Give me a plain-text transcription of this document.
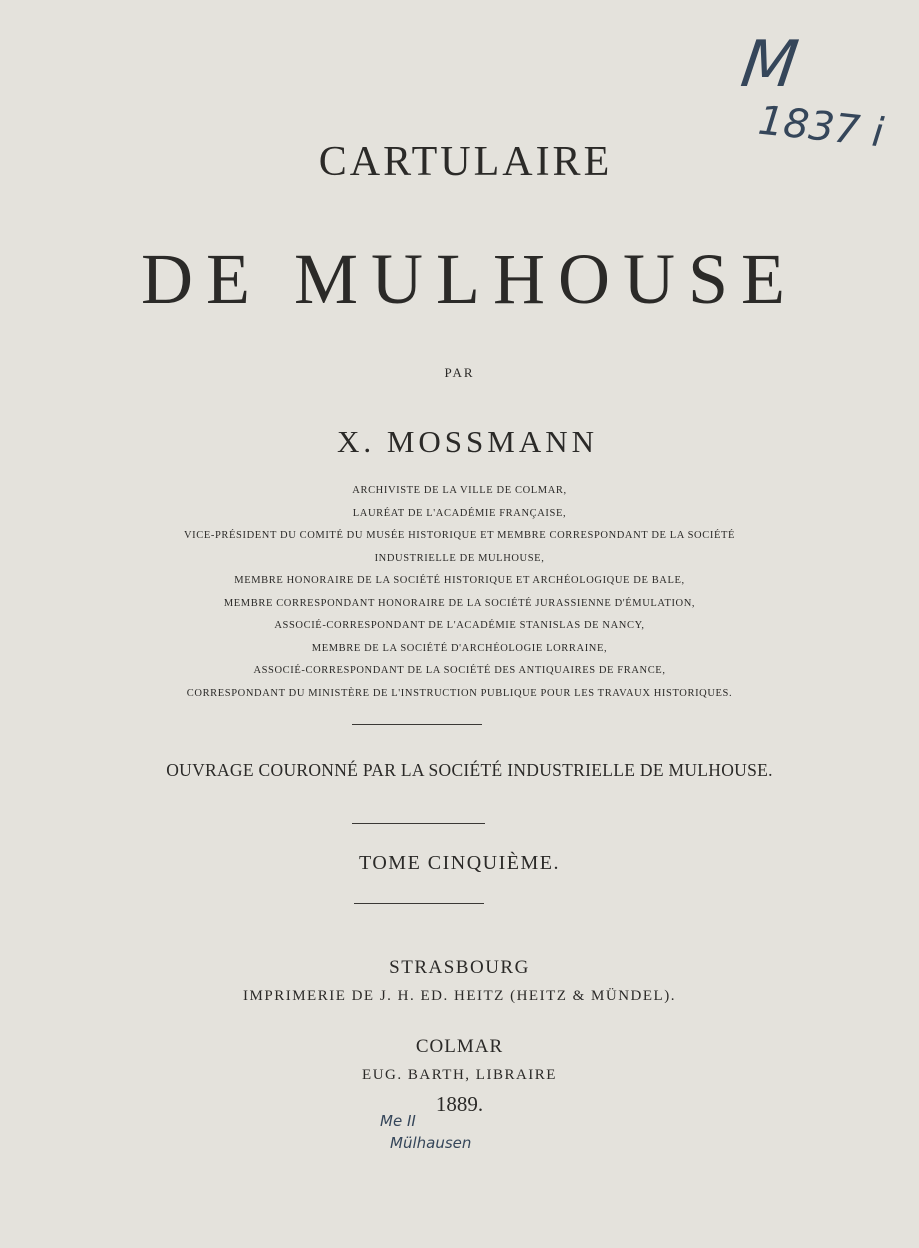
M
1837 i
CARTULAIRE
DE MULHOUSE
PAR
X. MOSSMANN
ARCHIVISTE DE LA VILLE DE COLMAR,
LAURÉAT DE L'ACADÉMIE FRANÇAISE,
VICE-PRÉSIDENT DU COMITÉ DU MUSÉE HISTORIQUE ET MEMBRE CORRESPONDANT DE LA SOCIÉTÉ
INDUSTRIELLE DE MULHOUSE,
MEMBRE HONORAIRE DE LA SOCIÉTÉ HISTORIQUE ET ARCHÉOLOGIQUE DE BALE,
MEMBRE CORRESPONDANT HONORAIRE DE LA SOCIÉTÉ JURASSIENNE D'ÉMULATION,
ASSOCIÉ-CORRESPONDANT DE L'ACADÉMIE STANISLAS DE NANCY,
MEMBRE DE LA SOCIÉTÉ D'ARCHÉOLOGIE LORRAINE,
ASSOCIÉ-CORRESPONDANT DE LA SOCIÉTÉ DES ANTIQUAIRES DE FRANCE,
CORRESPONDANT DU MINISTÈRE DE L'INSTRUCTION PUBLIQUE POUR LES TRAVAUX HISTORIQUES.
OUVRAGE COURONNÉ PAR LA SOCIÉTÉ INDUSTRIELLE DE MULHOUSE.
TOME CINQUIÈME.
STRASBOURG
IMPRIMERIE DE J. H. ED. HEITZ (HEITZ & MÜNDEL).
COLMAR
EUG. BARTH, LIBRAIRE
1889.
Me II
Mülhausen
